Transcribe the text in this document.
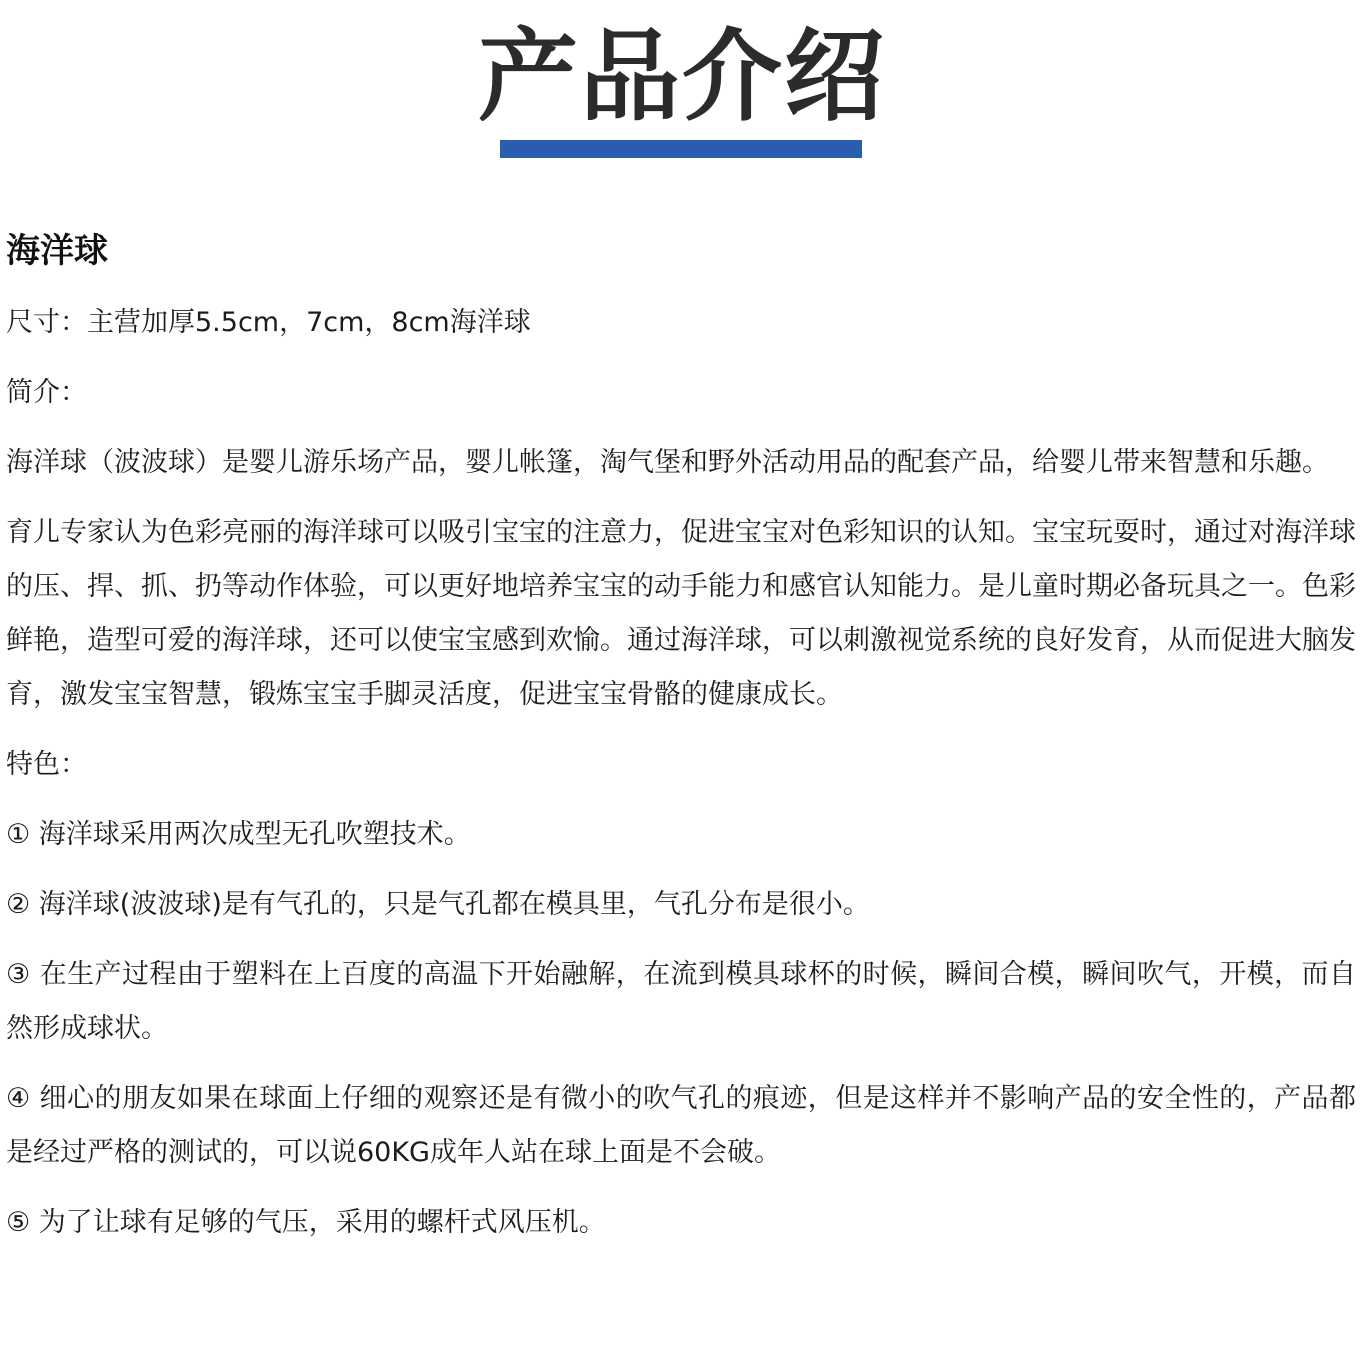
产品介绍
海洋球

尺寸：主营加厚5.5cm，7cm，8cm海洋球

简介：

海洋球（波波球）是婴儿游乐场产品，婴儿帐篷，淘气堡和野外活动用品的配套产品，给婴儿带来智慧和乐趣。

育儿专家认为色彩亮丽的海洋球可以吸引宝宝的注意力，促进宝宝对色彩知识的认知。宝宝玩耍时，通过对海洋球的压、捍、抓、扔等动作体验，可以更好地培养宝宝的动手能力和感官认知能力。是儿童时期必备玩具之一。色彩鲜艳，造型可爱的海洋球，还可以使宝宝感到欢愉。通过海洋球，可以刺激视觉系统的良好发育，从而促进大脑发育，激发宝宝智慧，锻炼宝宝手脚灵活度，促进宝宝骨骼的健康成长。

特色：

① 海洋球采用两次成型无孔吹塑技术。

② 海洋球(波波球)是有气孔的，只是气孔都在模具里，气孔分布是很小。

③ 在生产过程由于塑料在上百度的高温下开始融解，在流到模具球杯的时候，瞬间合模，瞬间吹气，开模，而自然形成球状。

④ 细心的朋友如果在球面上仔细的观察还是有微小的吹气孔的痕迹，但是这样并不影响产品的安全性的，产品都是经过严格的测试的，可以说60KG成年人站在球上面是不会破。

⑤ 为了让球有足够的气压，采用的螺杆式风压机。
